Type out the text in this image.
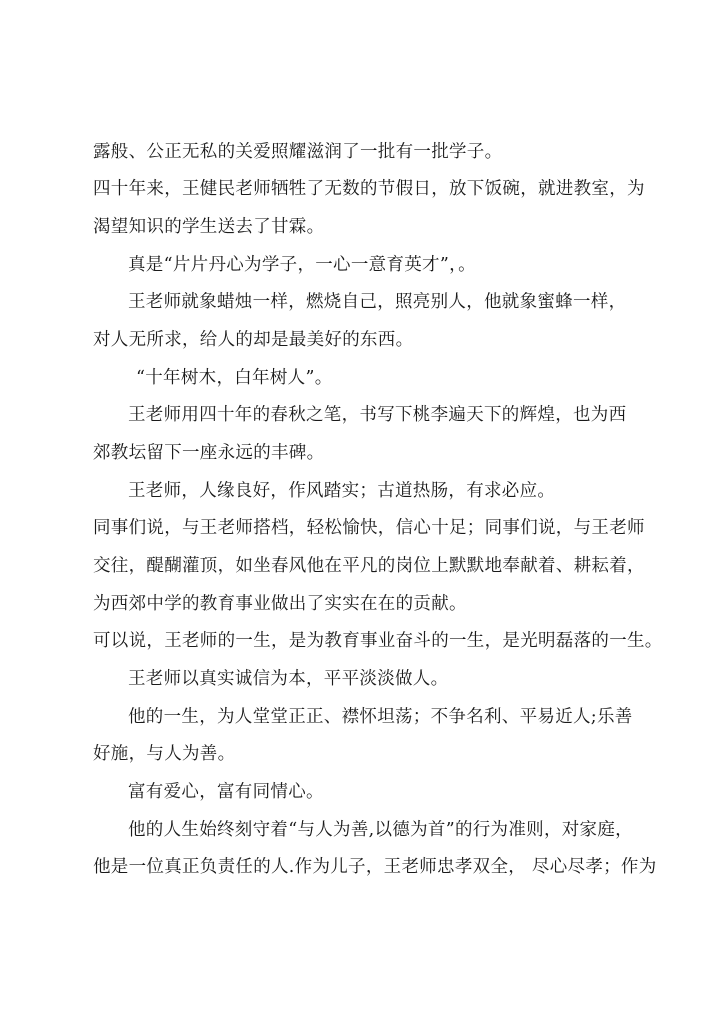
露般、公正无私的关爱照耀滋润了一批有一批学子。
四十年来，王健民老师牺牲了无数的节假日，放下饭碗，就进教室，为
渴望知识的学生送去了甘霖。
真是“片片丹心为学子，一心一意育英才”，。
王老师就象蜡烛一样，燃烧自己，照亮别人，他就象蜜蜂一样，
对人无所求，给人的却是最美好的东西。
“十年树木，白年树人”。
王老师用四十年的春秋之笔，书写下桃李遍天下的辉煌，也为西
郊教坛留下一座永远的丰碑。
王老师，人缘良好，作风踏实；古道热肠，有求必应。
同事们说，与王老师搭档，轻松愉快，信心十足；同事们说，与王老师
交往，醍醐灌顶，如坐春风他在平凡的岗位上默默地奉献着、耕耘着，
为西郊中学的教育事业做出了实实在在的贡献。
可以说，王老师的一生，是为教育事业奋斗的一生，是光明磊落的一生。
王老师以真实诚信为本，平平淡淡做人。
他的一生，为人堂堂正正、襟怀坦荡；不争名利、平易近人;乐善
好施，与人为善。
富有爱心，富有同情心。
他的人生始终刻守着“与人为善,以德为首”的行为准则，对家庭，
他是一位真正负责任的人.作为儿子，王老师忠孝双全， 尽心尽孝；作为
